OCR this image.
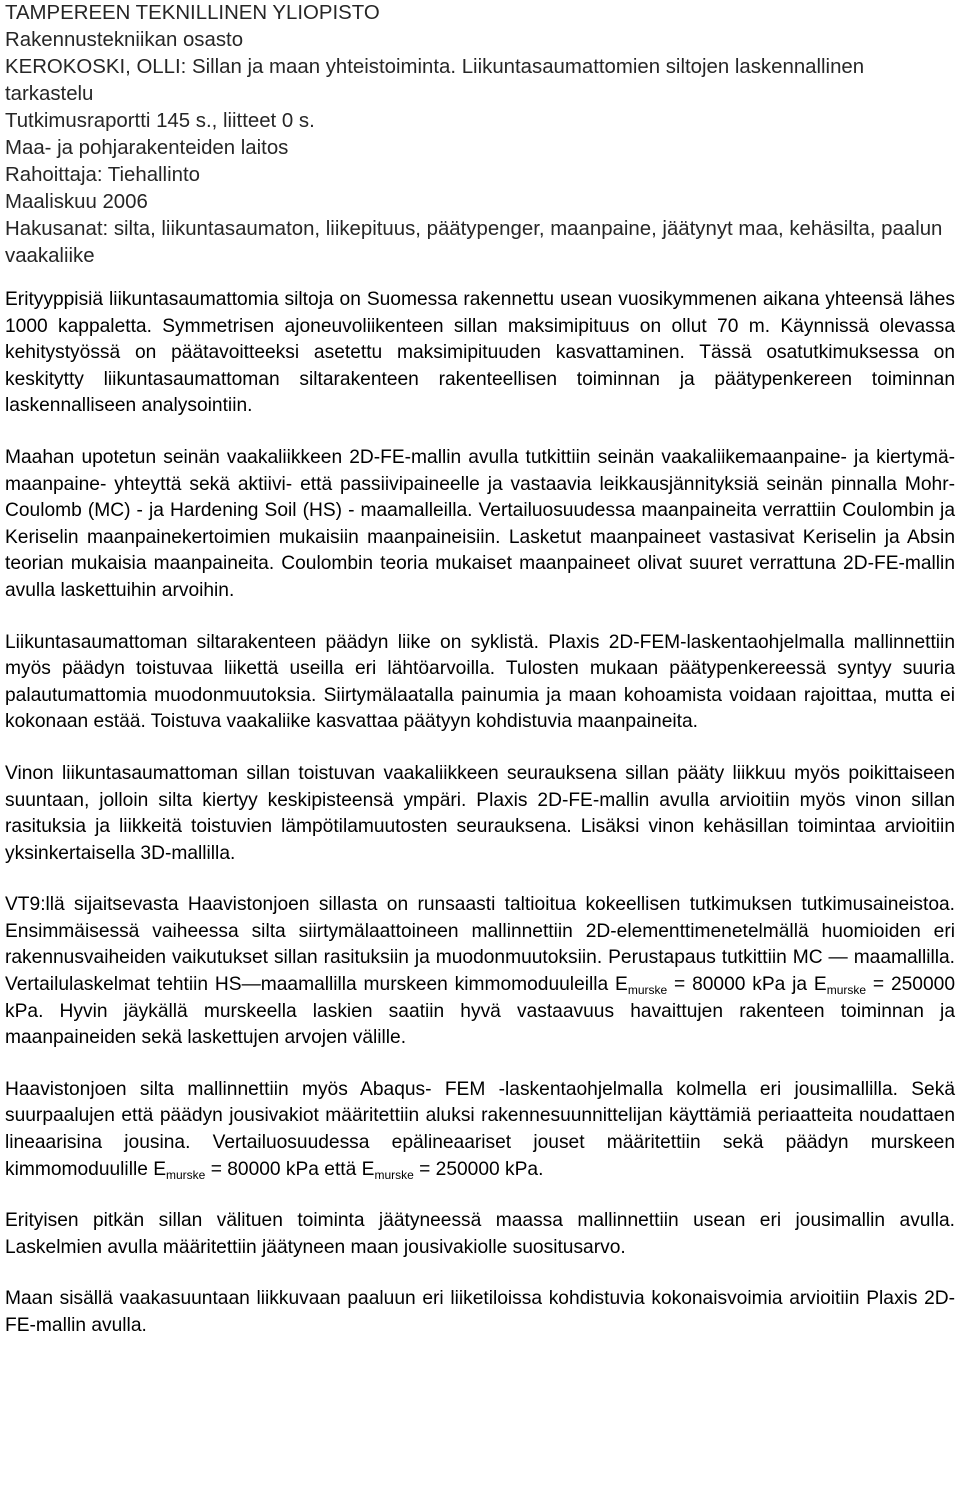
TAMPEREEN TEKNILLINEN YLIOPISTO
Rakennustekniikan osasto
KEROKOSKI, OLLI: Sillan ja maan yhteistoiminta. Liikuntasaumattomien siltojen laskennallinen tarkastelu
Tutkimusraportti 145 s., liitteet 0 s.
Maa- ja pohjarakenteiden laitos
Rahoittaja: Tiehallinto
Maaliskuu 2006
Hakusanat: silta, liikuntasaumaton, liikepituus, päätypenger, maanpaine, jäätynyt maa, kehäsilta, paalun vaakaliike

Erityyppisiä liikuntasaumattomia siltoja on Suomessa rakennettu usean vuosikymmenen aikana yhteensä lähes 1000 kappaletta. Symmetrisen ajoneuvoliikenteen sillan maksimipituus on ollut 70 m. Käynnissä olevassa kehitystyössä on päätavoitteeksi asetettu maksimipituuden kasvattaminen. Tässä osatutkimuksessa on keskitytty liikuntasaumattoman siltarakenteen rakenteellisen toiminnan ja päätypenkereen toiminnan laskennalliseen analysointiin.

Maahan upotetun seinän vaakaliikkeen 2D-FE-mallin avulla tutkittiin seinän vaakaliikemaanpaine- ja kiertymä-maanpaine- yhteyttä sekä aktiivi- että passiivipaineelle ja vastaavia leikkausjännityksiä seinän pinnalla Mohr-Coulomb (MC) - ja Hardening Soil (HS) - maamalleilla. Vertailuosuudessa maanpaineita verrattiin Coulombin ja Keriselin maanpainekertoimien mukaisiin maanpaineisiin. Lasketut maanpaineet vastasivat Keriselin ja Absin teorian mukaisia maanpaineita. Coulombin teoria mukaiset maanpaineet olivat suuret verrattuna 2D-FE-mallin avulla laskettuihin arvoihin.

Liikuntasaumattoman siltarakenteen päädyn liike on syklistä. Plaxis 2D-FEM-laskentaohjelmalla mallinnettiin myös päädyn toistuvaa liikettä useilla eri lähtöarvoilla. Tulosten mukaan päätypenkereessä syntyy suuria palautumattomia muodonmuutoksia. Siirtymälaatalla painumia ja maan kohoamista voidaan rajoittaa, mutta ei kokonaan estää. Toistuva vaakaliike kasvattaa päätyyn kohdistuvia maanpaineita.

Vinon liikuntasaumattoman sillan toistuvan vaakaliikkeen seurauksena sillan pääty liikkuu myös poikittaiseen suuntaan, jolloin silta kiertyy keskipisteensä ympäri. Plaxis 2D-FE-mallin avulla arvioitiin myös vinon sillan rasituksia ja liikkeitä toistuvien lämpötilamuutosten seurauksena. Lisäksi vinon kehäsillan toimintaa arvioitiin yksinkertaisella 3D-mallilla.

VT9:llä sijaitsevasta Haavistonjoen sillasta on runsaasti taltioitua kokeellisen tutkimuksen tutkimusaineistoa. Ensimmäisessä vaiheessa silta siirtymälaattoineen mallinnettiin 2D-elementtimenetelmällä huomioiden eri rakennusvaiheiden vaikutukset sillan rasituksiin ja muodonmuutoksiin. Perustapaus tutkittiin MC — maamallilla. Vertailulaskelmat tehtiin HS—maamallilla murskeen kimmomoduuleilla $E_{murske} = 80000$ kPa ja $E_{murske} = 250000$ kPa. Hyvin jäykällä murskeella laskien saatiin hyvä vastaavuus havaittujen rakenteen toiminnan ja maanpaineiden sekä laskettujen arvojen välille.

Haavistonjoen silta mallinnettiin myös Abaqus- FEM -laskentaohjelmalla kolmella eri jousimallilla. Sekä suurpaalujen että päädyn jousivakiot määritettiin aluksi rakennesuunnittelijan käyttämiä periaatteita noudattaen lineaarisina jousina. Vertailuosuudessa epälineaariset jouset määritettiin sekä päädyn murskeen kimmomoduulille $E_{murske} = 80000$ kPa että $E_{murske} = 250000$ kPa.

Erityisen pitkän sillan välituen toiminta jäätyneessä maassa mallinnettiin usean eri jousimallin avulla. Laskelmien avulla määritettiin jäätyneen maan jousivakiolle suositusarvo.

Maan sisällä vaakasuuntaan liikkuvaan paaluun eri liiketiloissa kohdistuvia kokonaisvoimia arvioitiin Plaxis 2D-FE-mallin avulla.
